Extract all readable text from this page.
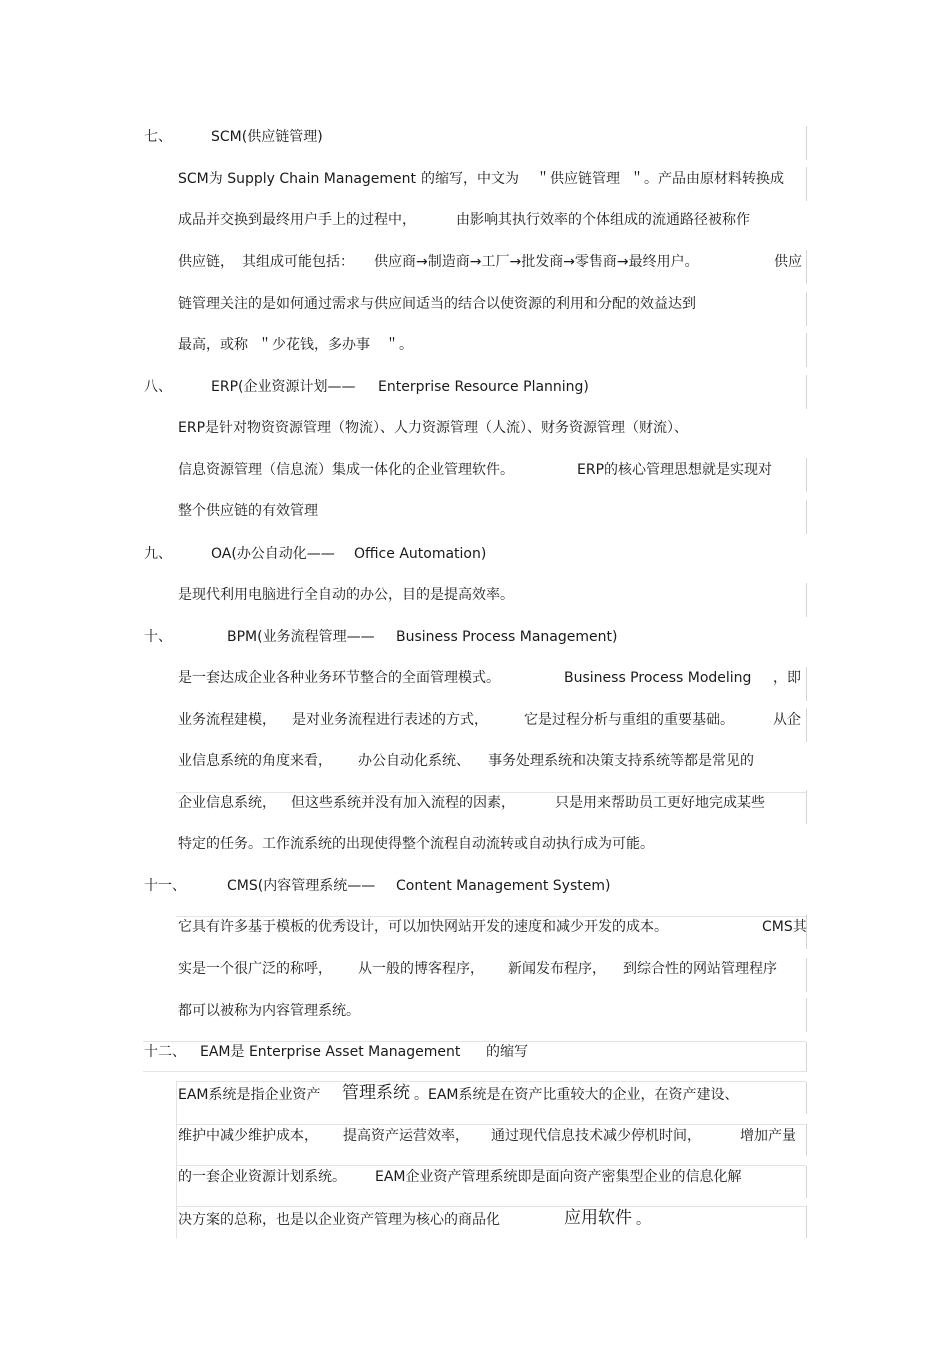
七、	SCM(供应链管理)
SCM为 Supply Chain Management 的缩写，中文为 ＂供应链管理 ＂。产品由原材料转换成
成品并交换到最终用户手上的过程中，	由影响其执行效率的个体组成的流通路径被称作
供应链， 其组成可能包括： 供应商→制造商→工厂→批发商→零售商→最终用户。	供应
链管理关注的是如何通过需求与供应间适当的结合以使资源的利用和分配的效益达到
最高，或称 ＂少花钱，多办事 ＂。
八、	ERP(企业资源计划—— Enterprise Resource Planning)
ERP是针对物资资源管理（物流）、人力资源管理（人流）、财务资源管理（财流）、
信息资源管理（信息流）集成一体化的企业管理软件。	ERP的核心管理思想就是实现对
整个供应链的有效管理
九、	OA(办公自动化—— Office Automation)
是现代利用电脑进行全自动的办公，目的是提高效率。
十、	BPM(业务流程管理—— Business Process Management)
是一套达成企业各种业务环节整合的全面管理模式。	Business Process Modeling ，即
业务流程建模， 是对业务流程进行表述的方式，	它是过程分析与重组的重要基础。	从企
业信息系统的角度来看， 办公自动化系统、 事务处理系统和决策支持系统等都是常见的
企业信息系统， 但这些系统并没有加入流程的因素，	只是用来帮助员工更好地完成某些
特定的任务。工作流系统的出现使得整个流程自动流转或自动执行成为可能。
十一、	CMS(内容管理系统—— Content Management System)
它具有许多基于模板的优秀设计，可以加快网站开发的速度和减少开发的成本。	CMS其
实是一个很广泛的称呼， 从一般的博客程序， 新闻发布程序， 到综合性的网站管理程序
都可以被称为内容管理系统。
十二、 EAM是 Enterprise Asset Management 的缩写
EAM系统是指企业资产 管理系统 。EAM系统是在资产比重较大的企业，在资产建设、
维护中减少维护成本， 提高资产运营效率， 通过现代信息技术减少停机时间，	增加产量
的一套企业资源计划系统。 EAM企业资产管理系统即是面向资产密集型企业的信息化解
决方案的总称，也是以企业资产管理为核心的商品化	应用软件 。
